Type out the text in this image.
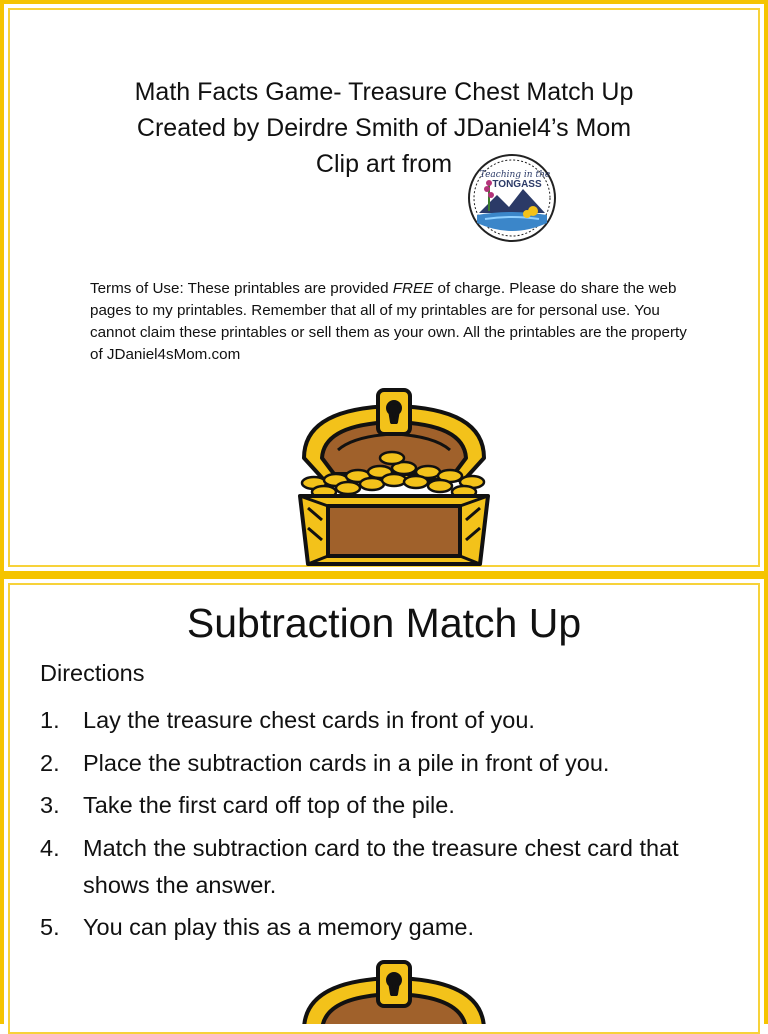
Math Facts Game- Treasure Chest Match Up
Created by Deirdre Smith of JDaniel4’s Mom
Clip art from	Teaching in the
TONGASS
Terms of Use: These printables are provided FREE of charge. Please do share the web pages to my printables. Remember that all of my printables are for personal use. You cannot claim these printables or sell them as your own. All the printables are the property of JDaniel4sMom.com
Subtraction Match Up
Directions
1. Lay the treasure chest cards in front of you.
2. Place the subtraction cards in a pile in front of you.
3. Take the first card off top of the pile.
4. Match the subtraction card to the treasure chest card that shows the answer.
5. You can play this as a memory game.
